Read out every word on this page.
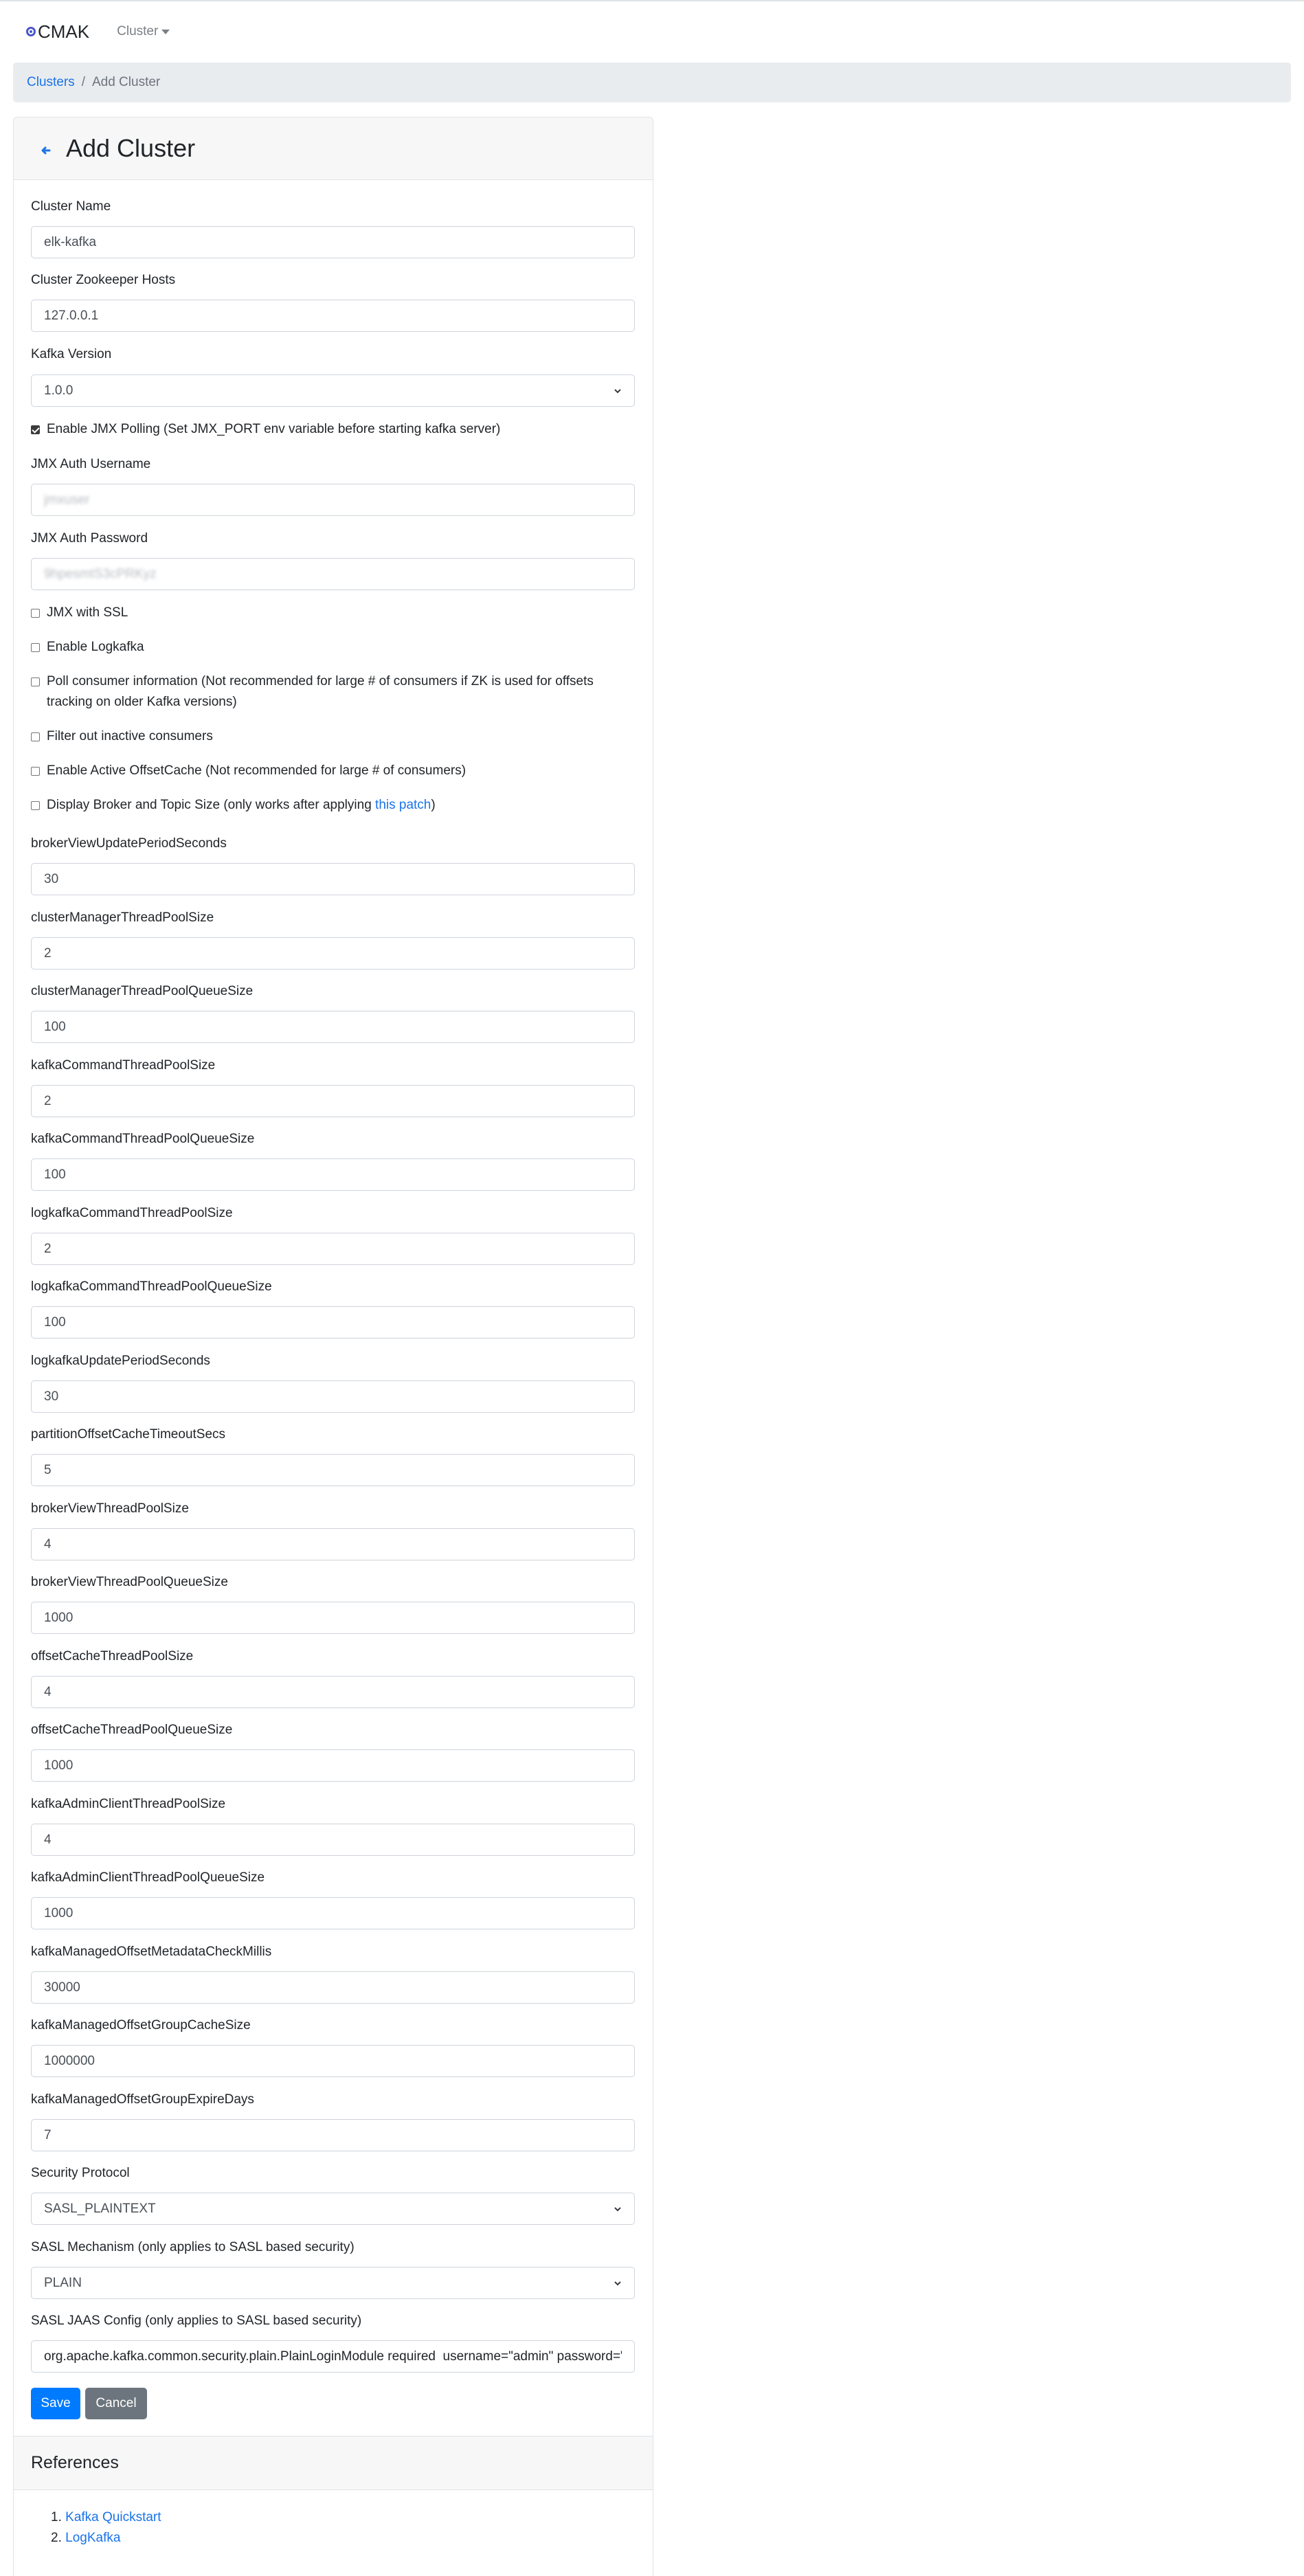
CMAK Cluster
Clusters / Add Cluster
Add Cluster
Cluster Name
elk-kafka
Cluster Zookeeper Hosts
127.0.0.1
Kafka Version
1.0.0
Enable JMX Polling (Set JMX_PORT env variable before starting kafka server)
JMX Auth Username
jmxuser
JMX Auth Password
9hpesmtS3cPRKyz
JMX with SSL
Enable Logkafka
Poll consumer information (Not recommended for large # of consumers if ZK is used for offsets
tracking on older Kafka versions)
Filter out inactive consumers
Enable Active OffsetCache (Not recommended for large # of consumers)
Display Broker and Topic Size (only works after applying this patch)
brokerViewUpdatePeriodSeconds
30
clusterManagerThreadPoolSize
2
clusterManagerThreadPoolQueueSize
100
kafkaCommandThreadPoolSize
2
kafkaCommandThreadPoolQueueSize
100
logkafkaCommandThreadPoolSize
2
logkafkaCommandThreadPoolQueueSize
100
logkafkaUpdatePeriodSeconds
30
partitionOffsetCacheTimeoutSecs
5
brokerViewThreadPoolSize
4
brokerViewThreadPoolQueueSize
1000
offsetCacheThreadPoolSize
4
offsetCacheThreadPoolQueueSize
1000
kafkaAdminClientThreadPoolSize
4
kafkaAdminClientThreadPoolQueueSize
1000
kafkaManagedOffsetMetadataCheckMillis
30000
kafkaManagedOffsetGroupCacheSize
1000000
kafkaManagedOffsetGroupExpireDays
7
Security Protocol
SASL_PLAINTEXT
SASL Mechanism (only applies to SASL based security)
PLAIN
SASL JAAS Config (only applies to SASL based security)
org.apache.kafka.common.security.plain.PlainLoginModule required username="admin" password="admin";
Save	Cancel
References
1. Kafka Quickstart
2. LogKafka
